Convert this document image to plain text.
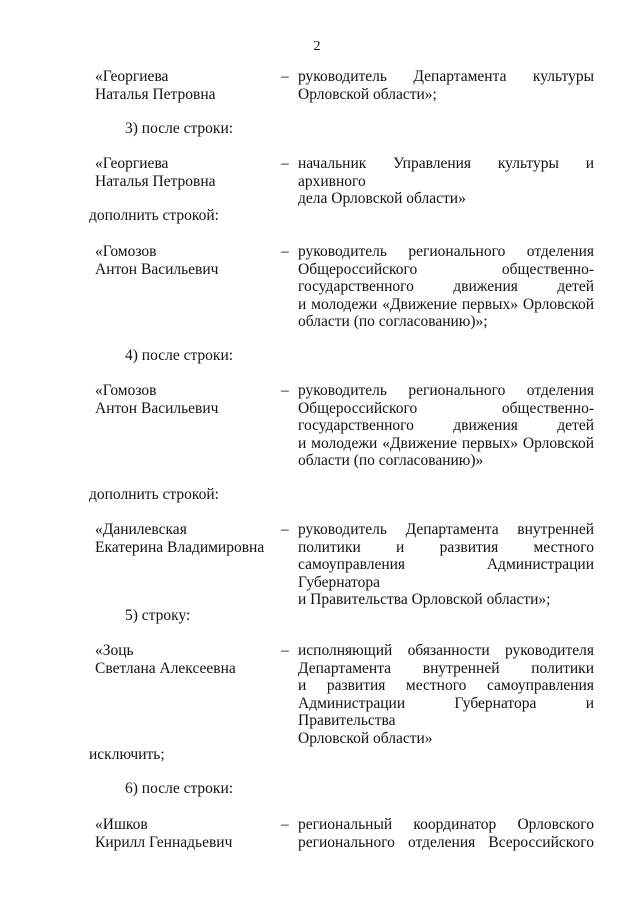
2
«Георгиева
Наталья Петровна
– руководитель Департамента культуры
Орловской области»;
3) после строки:
«Георгиева
Наталья Петровна
– начальник Управления культуры и архивного
дела Орловской области»
дополнить строкой:
«Гомозов
Антон Васильевич
– руководитель регионального отделения
Общероссийского общественно-
государственного движения детей
и молодежи «Движение первых» Орловской
области (по согласованию)»;
4) после строки:
«Гомозов
Антон Васильевич
– руководитель регионального отделения
Общероссийского общественно-
государственного движения детей
и молодежи «Движение первых» Орловской
области (по согласованию)»
дополнить строкой:
«Данилевская
Екатерина Владимировна
– руководитель Департамента внутренней
политики и развития местного
самоуправления Администрации Губернатора
и Правительства Орловской области»;
5) строку:
«Зоць
Светлана Алексеевна
– исполняющий обязанности руководителя
Департамента внутренней политики
и развития местного самоуправления
Администрации Губернатора и Правительства
Орловской области»
исключить;
6) после строки:
«Ишков
Кирилл Геннадьевич
– региональный координатор Орловского
регионального отделения Всероссийского
